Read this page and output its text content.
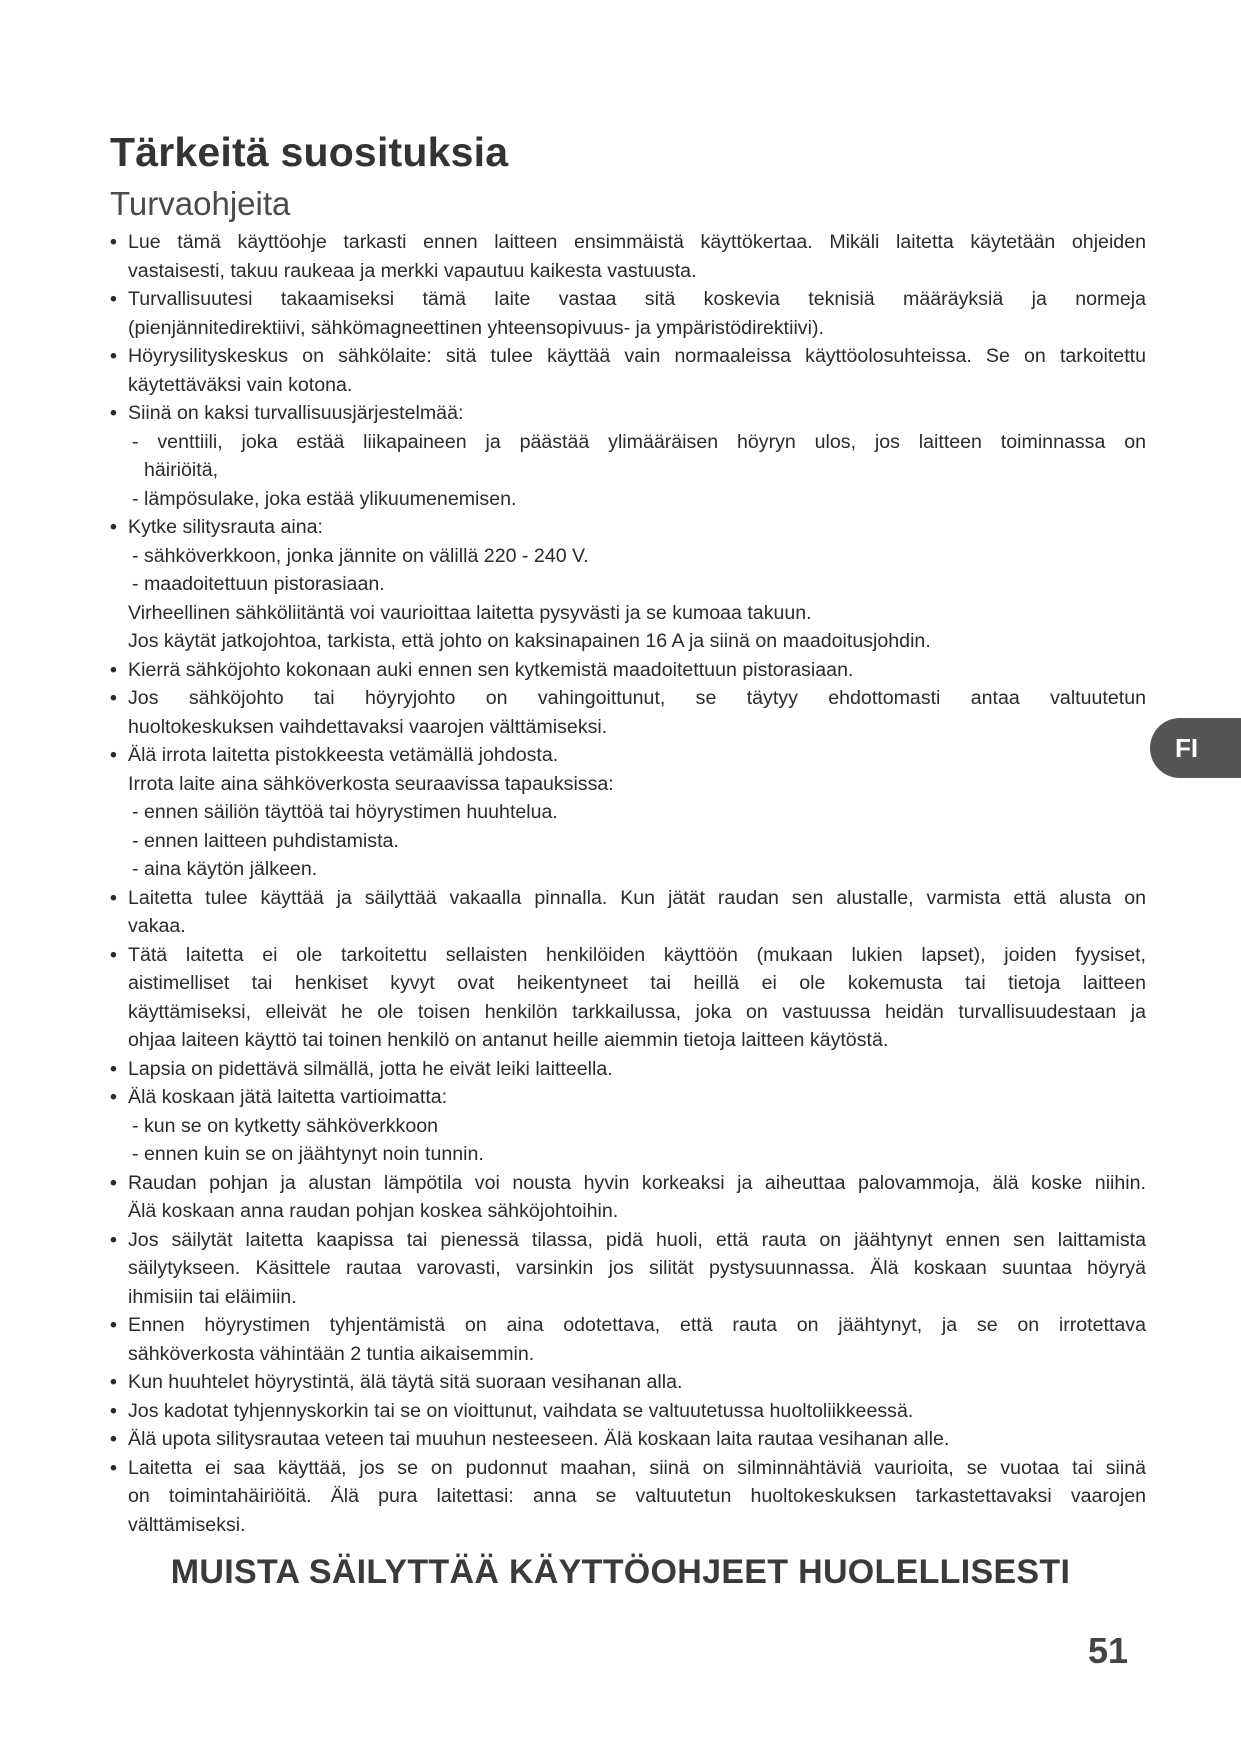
Tärkeitä suosituksia
Turvaohjeita
• Lue tämä käyttöohje tarkasti ennen laitteen ensimmäistä käyttökertaa. Mikäli laitetta käytetään ohjeiden
vastaisesti, takuu raukeaa ja merkki vapautuu kaikesta vastuusta.
• Turvallisuutesi takaamiseksi tämä laite vastaa sitä koskevia teknisiä määräyksiä ja normeja
(pienjännitedirektiivi, sähkömagneettinen yhteensopivuus- ja ympäristödirektiivi).
• Höyrysilityskeskus on sähkölaite: sitä tulee käyttää vain normaaleissa käyttöolosuhteissa. Se on tarkoitettu
käytettäväksi vain kotona.
• Siinä on kaksi turvallisuusjärjestelmää:
- venttiili, joka estää liikapaineen ja päästää ylimääräisen höyryn ulos, jos laitteen toiminnassa on
häiriöitä,
- lämpösulake, joka estää ylikuumenemisen.
• Kytke silitysrauta aina:
- sähköverkkoon, jonka jännite on välillä 220 - 240 V.
- maadoitettuun pistorasiaan.
Virheellinen sähköliitäntä voi vaurioittaa laitetta pysyvästi ja se kumoaa takuun.
Jos käytät jatkojohtoa, tarkista, että johto on kaksinapainen 16 A ja siinä on maadoitusjohdin.
• Kierrä sähköjohto kokonaan auki ennen sen kytkemistä maadoitettuun pistorasiaan.
• Jos sähköjohto tai höyryjohto on vahingoittunut, se täytyy ehdottomasti antaa valtuutetun
huoltokeskuksen vaihdettavaksi vaarojen välttämiseksi.
• Älä irrota laitetta pistokkeesta vetämällä johdosta.
Irrota laite aina sähköverkosta seuraavissa tapauksissa:
- ennen säiliön täyttöä tai höyrystimen huuhtelua.
- ennen laitteen puhdistamista.
- aina käytön jälkeen.
• Laitetta tulee käyttää ja säilyttää vakaalla pinnalla. Kun jätät raudan sen alustalle, varmista että alusta on
vakaa.
• Tätä laitetta ei ole tarkoitettu sellaisten henkilöiden käyttöön (mukaan lukien lapset), joiden fyysiset,
aistimelliset tai henkiset kyvyt ovat heikentyneet tai heillä ei ole kokemusta tai tietoja laitteen
käyttämiseksi, elleivät he ole toisen henkilön tarkkailussa, joka on vastuussa heidän turvallisuudestaan ja
ohjaa laiteen käyttö tai toinen henkilö on antanut heille aiemmin tietoja laitteen käytöstä.
• Lapsia on pidettävä silmällä, jotta he eivät leiki laitteella.
• Älä koskaan jätä laitetta vartioimatta:
- kun se on kytketty sähköverkkoon
- ennen kuin se on jäähtynyt noin tunnin.
• Raudan pohjan ja alustan lämpötila voi nousta hyvin korkeaksi ja aiheuttaa palovammoja, älä koske niihin.
Älä koskaan anna raudan pohjan koskea sähköjohtoihin.
• Jos säilytät laitetta kaapissa tai pienessä tilassa, pidä huoli, että rauta on jäähtynyt ennen sen laittamista
säilytykseen. Käsittele rautaa varovasti, varsinkin jos silität pystysuunnassa. Älä koskaan suuntaa höyryä
ihmisiin tai eläimiin.
• Ennen höyrystimen tyhjentämistä on aina odotettava, että rauta on jäähtynyt, ja se on irrotettava
sähköverkosta vähintään 2 tuntia aikaisemmin.
• Kun huuhtelet höyrystintä, älä täytä sitä suoraan vesihanan alla.
• Jos kadotat tyhjennyskorkin tai se on vioittunut, vaihdata se valtuutetussa huoltoliikkeessä.
• Älä upota silitysrautaa veteen tai muuhun nesteeseen. Älä koskaan laita rautaa vesihanan alle.
• Laitetta ei saa käyttää, jos se on pudonnut maahan, siinä on silminnähtäviä vaurioita, se vuotaa tai siinä
on toimintahäiriöitä. Älä pura laitettasi: anna se valtuutetun huoltokeskuksen tarkastettavaksi vaarojen
välttämiseksi.
FI
MUISTA SÄILYTTÄÄ KÄYTTÖOHJEET HUOLELLISESTI
51
